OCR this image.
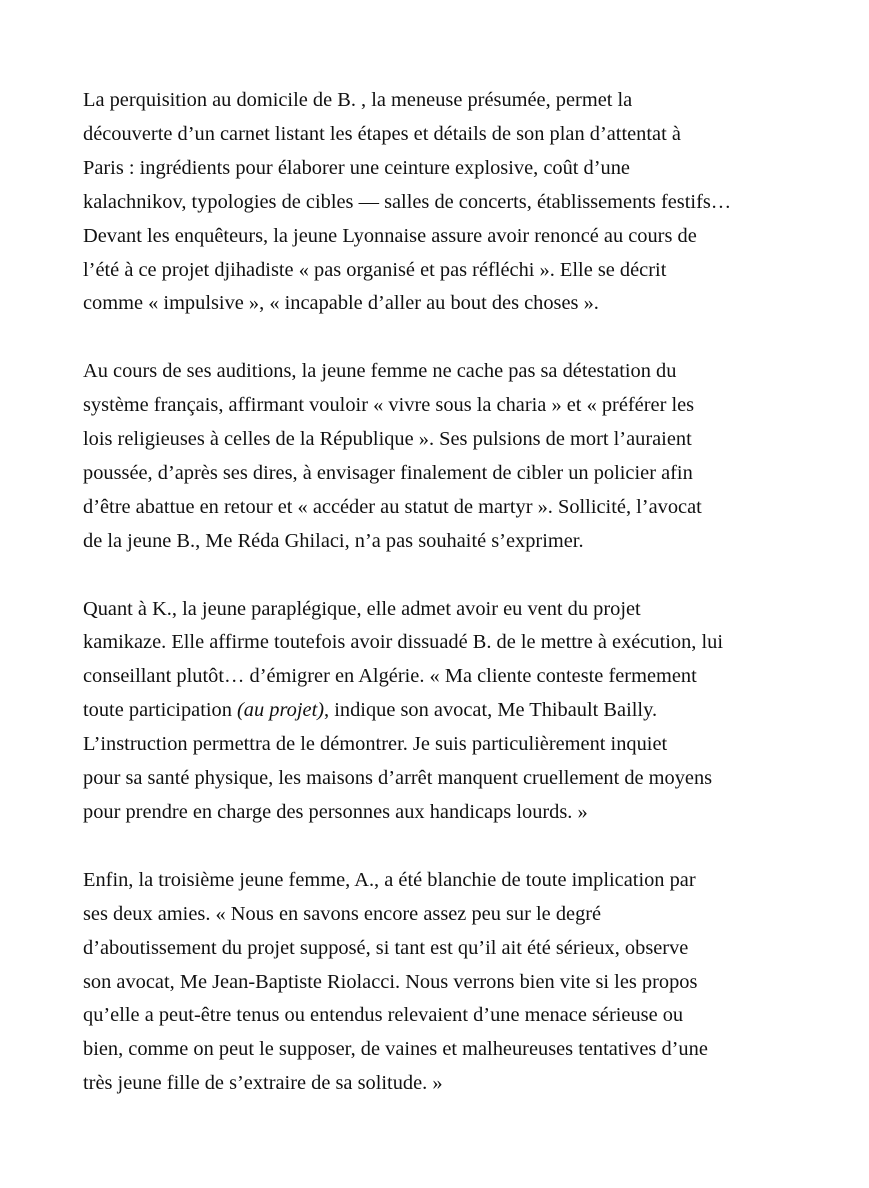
La perquisition au domicile de B. , la meneuse présumée, permet la
découverte d’un carnet listant les étapes et détails de son plan d’attentat à
Paris : ingrédients pour élaborer une ceinture explosive, coût d’une
kalachnikov, typologies de cibles — salles de concerts, établissements festifs…
Devant les enquêteurs, la jeune Lyonnaise assure avoir renoncé au cours de
l’été à ce projet djihadiste « pas organisé et pas réfléchi ». Elle se décrit
comme « impulsive », « incapable d’aller au bout des choses ».

Au cours de ses auditions, la jeune femme ne cache pas sa détestation du
système français, affirmant vouloir « vivre sous la charia » et « préférer les
lois religieuses à celles de la République ». Ses pulsions de mort l’auraient
poussée, d’après ses dires, à envisager finalement de cibler un policier afin
d’être abattue en retour et « accéder au statut de martyr ». Sollicité, l’avocat
de la jeune B., Me Réda Ghilaci, n’a pas souhaité s’exprimer.

Quant à K., la jeune paraplégique, elle admet avoir eu vent du projet
kamikaze. Elle affirme toutefois avoir dissuadé B. de le mettre à exécution, lui
conseillant plutôt… d’émigrer en Algérie. « Ma cliente conteste fermement
toute participation (au projet), indique son avocat, Me Thibault Bailly.
L’instruction permettra de le démontrer. Je suis particulièrement inquiet
pour sa santé physique, les maisons d’arrêt manquent cruellement de moyens
pour prendre en charge des personnes aux handicaps lourds. »

Enfin, la troisième jeune femme, A., a été blanchie de toute implication par
ses deux amies. « Nous en savons encore assez peu sur le degré
d’aboutissement du projet supposé, si tant est qu’il ait été sérieux, observe
son avocat, Me Jean-Baptiste Riolacci. Nous verrons bien vite si les propos
qu’elle a peut-être tenus ou entendus relevaient d’une menace sérieuse ou
bien, comme on peut le supposer, de vaines et malheureuses tentatives d’une
très jeune fille de s’extraire de sa solitude. »
